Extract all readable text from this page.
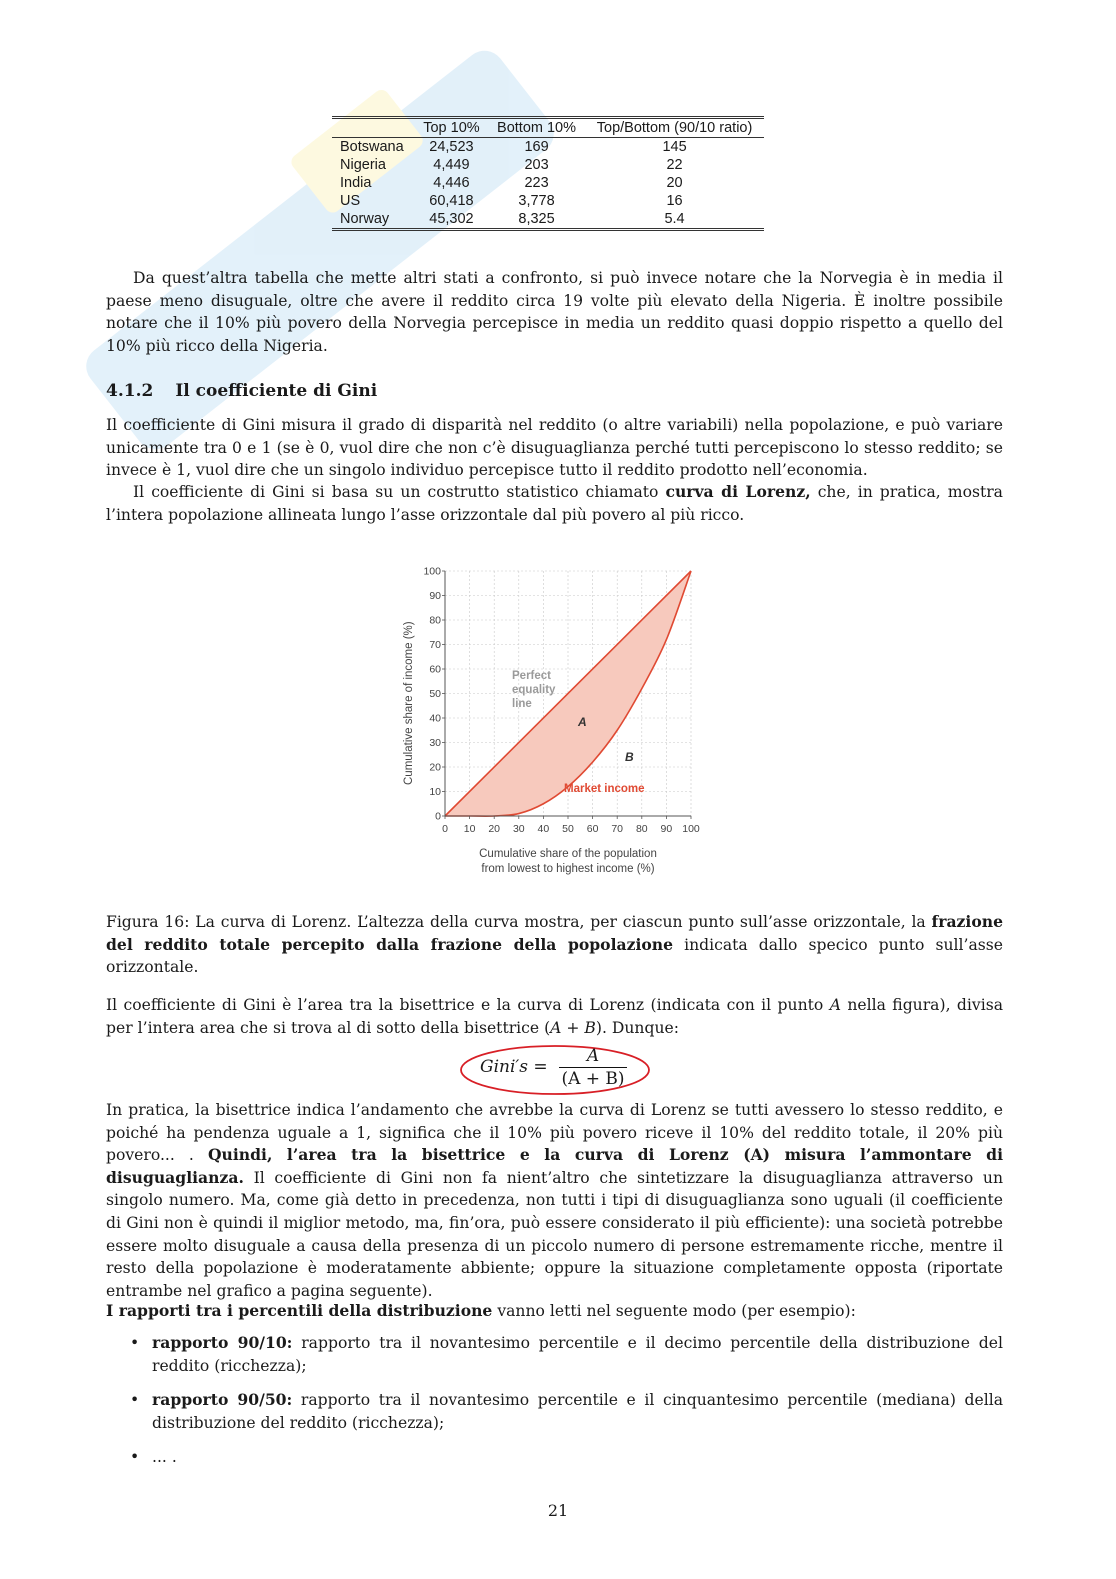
	Top 10%	Bottom 10%	Top/Bottom (90/10 ratio)
Botswana	24,523	169	145
Nigeria	4,449	203	22
India	4,446	223	20
US	60,418	3,778	16
Norway	45,302	8,325	5.4

Da quest’altra tabella che mette altri stati a confronto, si può invece notare che la Norvegia è in media il paese meno disuguale, oltre che avere il reddito circa 19 volte più elevato della Nigeria. È inoltre possibile notare che il 10% più povero della Norvegia percepisce in media un reddito quasi doppio rispetto a quello del 10% più ricco della Nigeria.

4.1.2 Il coefficiente di Gini

Il coefficiente di Gini misura il grado di disparità nel reddito (o altre variabili) nella popolazione, e può variare unicamente tra 0 e 1 (se è 0, vuol dire che non c’è disuguaglianza perché tutti percepiscono lo stesso reddito; se invece è 1, vuol dire che un singolo individuo percepisce tutto il reddito prodotto nell’economia.

Il coefficiente di Gini si basa su un costrutto statistico chiamato curva di Lorenz, che, in pratica, mostra l’intera popolazione allineata lungo l’asse orizzontale dal più povero al più ricco.

0 10 20 30 40 50 60 70 80 90 100
0
10
20
30
40
50
60
70
80
90
100
Perfect
equality
line
A
B
Market income
Cumulative share of income (%)
Cumulative share of the population
from lowest to highest income (%)

Figura 16: La curva di Lorenz. L’altezza della curva mostra, per ciascun punto sull’asse orizzontale, la frazione del reddito totale percepito dalla frazione della popolazione indicata dallo specico punto sull’asse orizzontale.

Il coefficiente di Gini è l’area tra la bisettrice e la curva di Lorenz (indicata con il punto A nella figura), divisa per l’intera area che si trova al di sotto della bisettrice (A + B). Dunque:

Gini′s =
A
(A + B)

In pratica, la bisettrice indica l’andamento che avrebbe la curva di Lorenz se tutti avessero lo stesso reddito, e poiché ha pendenza uguale a 1, significa che il 10% più povero riceve il 10% del reddito totale, il 20% più povero... . Quindi, l’area tra la bisettrice e la curva di Lorenz (A) misura l’ammontare di disuguaglianza. Il coefficiente di Gini non fa nient’altro che sintetizzare la disuguaglianza attraverso un singolo numero. Ma, come già detto in precedenza, non tutti i tipi di disuguaglianza sono uguali (il coefficiente di Gini non è quindi il miglior metodo, ma, fin’ora, può essere considerato il più efficiente): una società potrebbe essere molto disuguale a causa della presenza di un piccolo numero di persone estremamente ricche, mentre il resto della popolazione è moderatamente abbiente; oppure la situazione completamente opposta (riportate entrambe nel grafico a pagina seguente).

I rapporti tra i percentili della distribuzione vanno letti nel seguente modo (per esempio):

• rapporto 90/10: rapporto tra il novantesimo percentile e il decimo percentile della distribuzione del reddito (ricchezza);
• rapporto 90/50: rapporto tra il novantesimo percentile e il cinquantesimo percentile (mediana) della distribuzione del reddito (ricchezza);
• ... .
21
